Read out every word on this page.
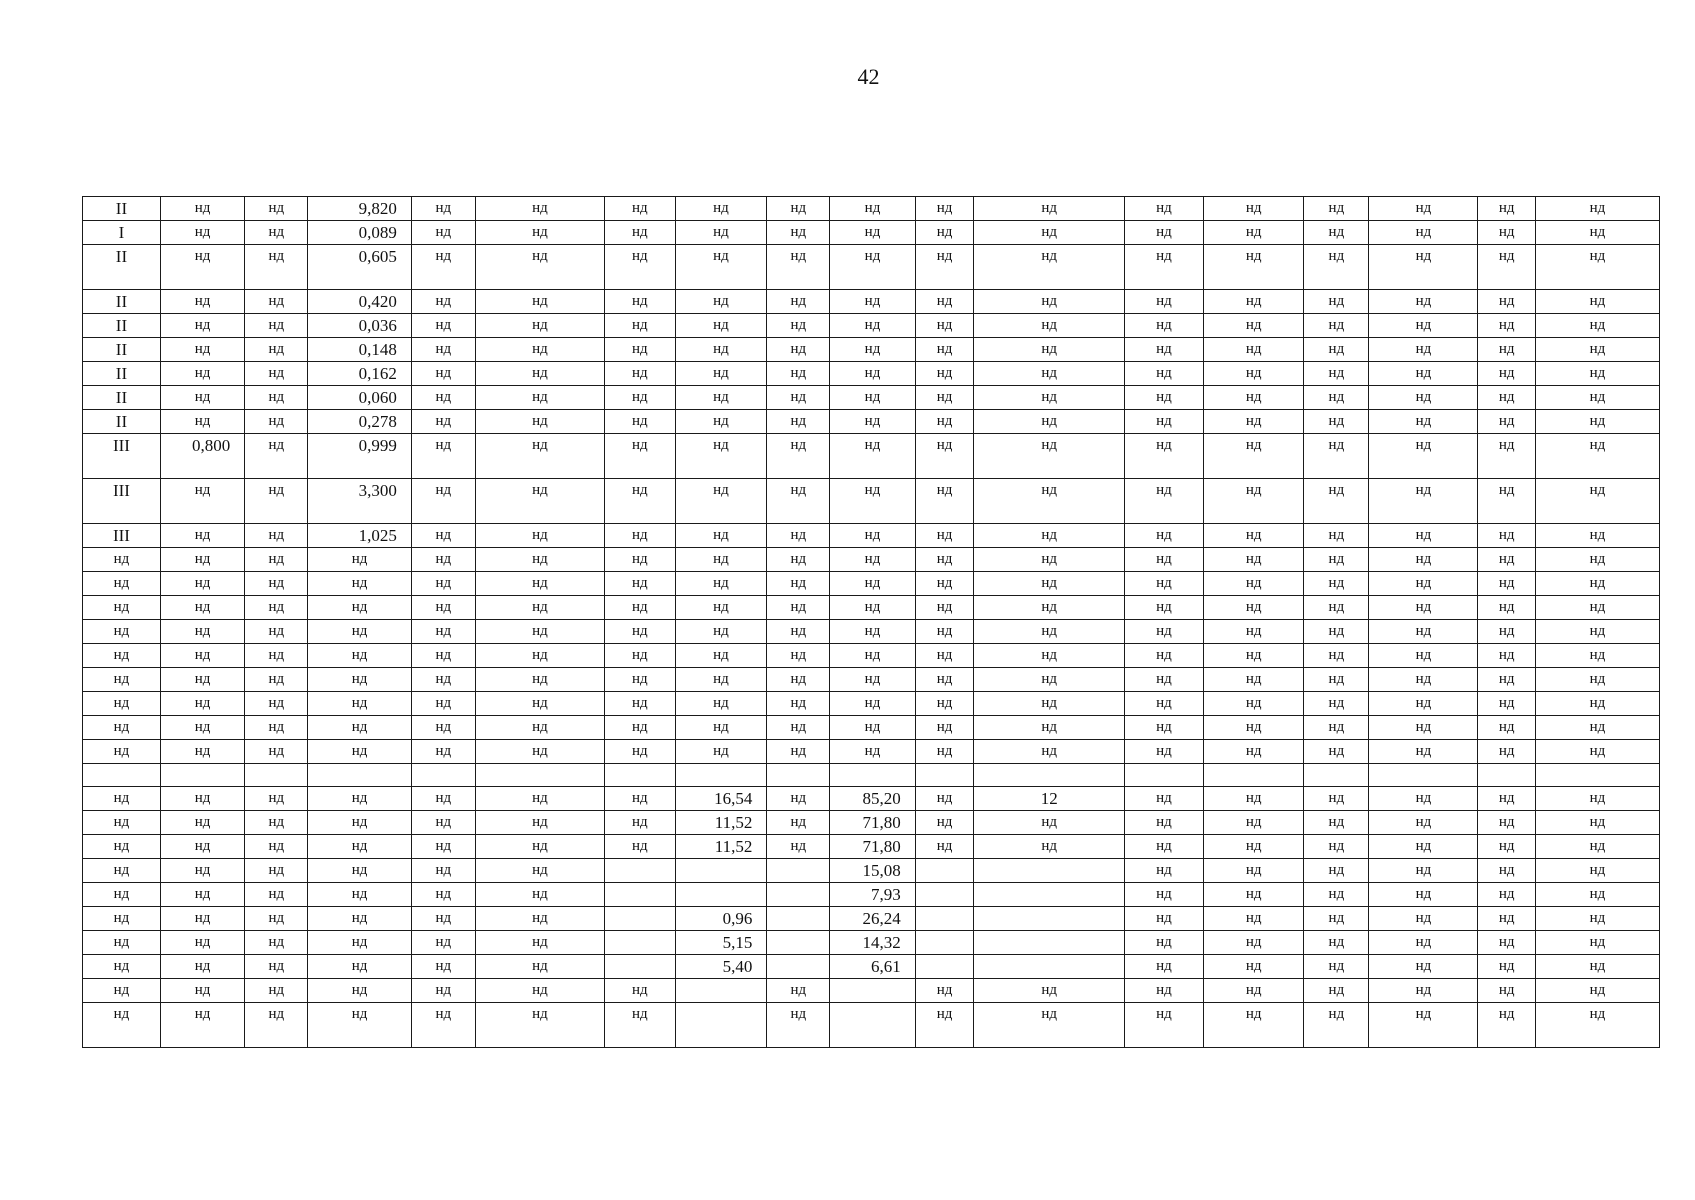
42
II	нд	нд	9,820	нд	нд	нд	нд	нд	нд	нд	нд	нд	нд	нд	нд	нд	нд

I	нд	нд	0,089	нд	нд	нд	нд	нд	нд	нд	нд	нд	нд	нд	нд	нд	нд

II	нд	нд	0,605	нд	нд	нд	нд	нд	нд	нд	нд	нд	нд	нд	нд	нд	нд

II	нд	нд	0,420	нд	нд	нд	нд	нд	нд	нд	нд	нд	нд	нд	нд	нд	нд

II	нд	нд	0,036	нд	нд	нд	нд	нд	нд	нд	нд	нд	нд	нд	нд	нд	нд

II	нд	нд	0,148	нд	нд	нд	нд	нд	нд	нд	нд	нд	нд	нд	нд	нд	нд

II	нд	нд	0,162	нд	нд	нд	нд	нд	нд	нд	нд	нд	нд	нд	нд	нд	нд

II	нд	нд	0,060	нд	нд	нд	нд	нд	нд	нд	нд	нд	нд	нд	нд	нд	нд

II	нд	нд	0,278	нд	нд	нд	нд	нд	нд	нд	нд	нд	нд	нд	нд	нд	нд

III	0,800	нд	0,999	нд	нд	нд	нд	нд	нд	нд	нд	нд	нд	нд	нд	нд	нд

III	нд	нд	3,300	нд	нд	нд	нд	нд	нд	нд	нд	нд	нд	нд	нд	нд	нд

III	нд	нд	1,025	нд	нд	нд	нд	нд	нд	нд	нд	нд	нд	нд	нд	нд	нд

нд	нд	нд	нд	нд	нд	нд	нд	нд	нд	нд	нд	нд	нд	нд	нд	нд	нд

нд	нд	нд	нд	нд	нд	нд	нд	нд	нд	нд	нд	нд	нд	нд	нд	нд	нд

нд	нд	нд	нд	нд	нд	нд	нд	нд	нд	нд	нд	нд	нд	нд	нд	нд	нд

нд	нд	нд	нд	нд	нд	нд	нд	нд	нд	нд	нд	нд	нд	нд	нд	нд	нд

нд	нд	нд	нд	нд	нд	нд	нд	нд	нд	нд	нд	нд	нд	нд	нд	нд	нд

нд	нд	нд	нд	нд	нд	нд	нд	нд	нд	нд	нд	нд	нд	нд	нд	нд	нд

нд	нд	нд	нд	нд	нд	нд	нд	нд	нд	нд	нд	нд	нд	нд	нд	нд	нд

нд	нд	нд	нд	нд	нд	нд	нд	нд	нд	нд	нд	нд	нд	нд	нд	нд	нд

нд	нд	нд	нд	нд	нд	нд	нд	нд	нд	нд	нд	нд	нд	нд	нд	нд	нд

нд	нд	нд	нд	нд	нд	нд	16,54	нд	85,20	нд	12	нд	нд	нд	нд	нд	нд

нд	нд	нд	нд	нд	нд	нд	11,52	нд	71,80	нд	нд	нд	нд	нд	нд	нд	нд

нд	нд	нд	нд	нд	нд	нд	11,52	нд	71,80	нд	нд	нд	нд	нд	нд	нд	нд

нд	нд	нд	нд	нд	нд				15,08			нд	нд	нд	нд	нд	нд

нд	нд	нд	нд	нд	нд				7,93			нд	нд	нд	нд	нд	нд

нд	нд	нд	нд	нд	нд		0,96		26,24			нд	нд	нд	нд	нд	нд

нд	нд	нд	нд	нд	нд		5,15		14,32			нд	нд	нд	нд	нд	нд

нд	нд	нд	нд	нд	нд		5,40		6,61			нд	нд	нд	нд	нд	нд

нд	нд	нд	нд	нд	нд	нд		нд		нд	нд	нд	нд	нд	нд	нд	нд

нд	нд	нд	нд	нд	нд	нд		нд		нд	нд	нд	нд	нд	нд	нд	нд
